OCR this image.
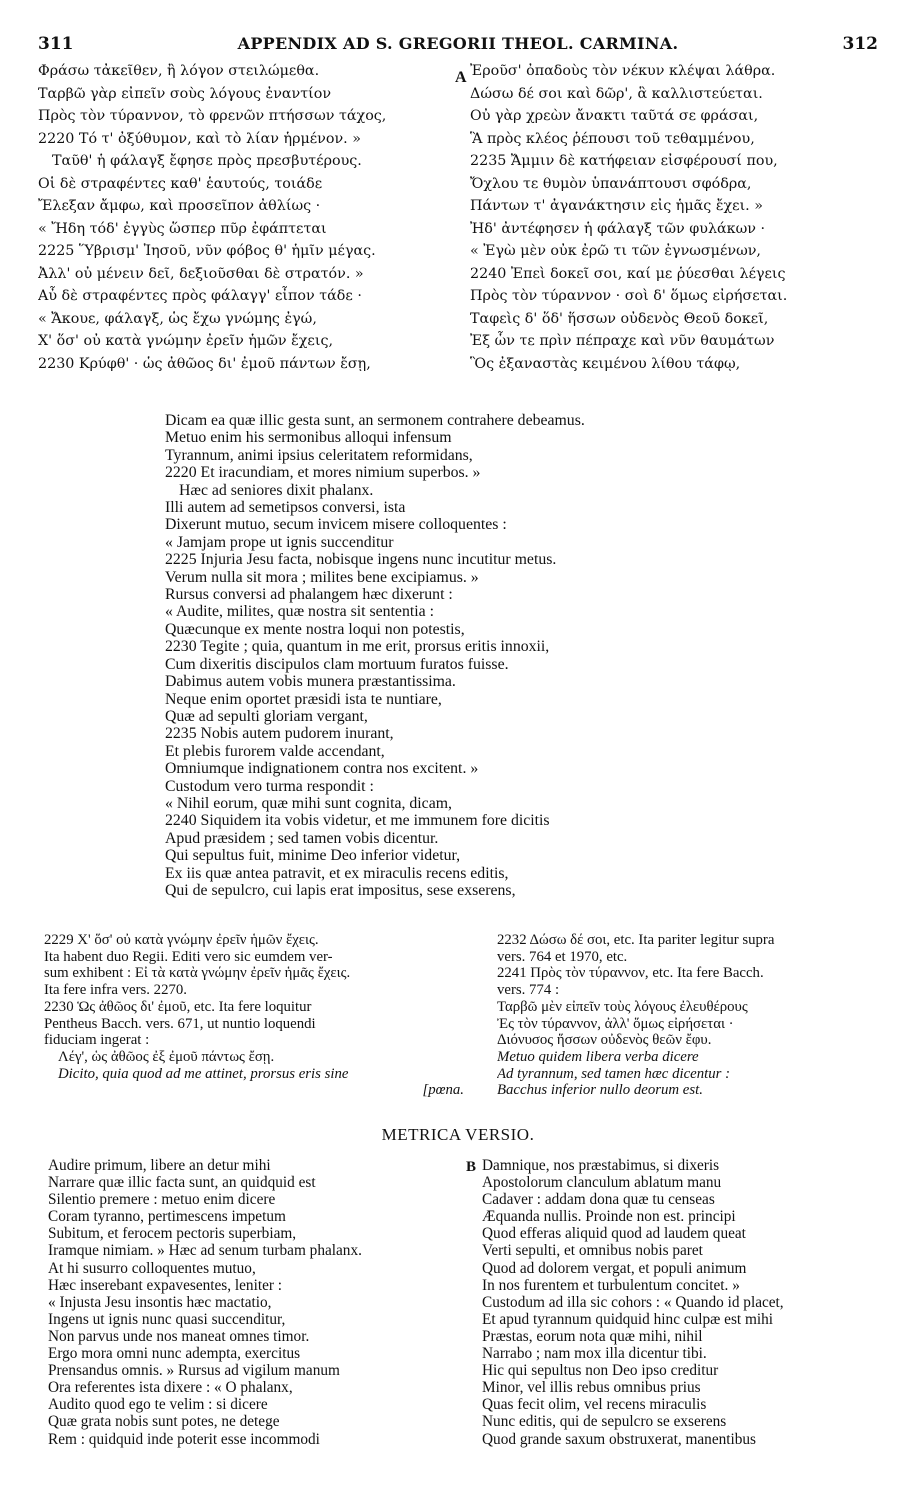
311	APPENDIX AD S. GREGORII THEOL. CARMINA.	312
Φράσω τἀκεῖθεν, ἢ λόγον στειλώμεθα.
Ταρβῶ γὰρ εἰπεῖν σοὺς λόγους ἐναντίον
Πρὸς τὸν τύραννον, τὸ φρενῶν πτήσσων τάχος,
2220 Τό τ' ὀξύθυμον, καὶ τὸ λίαν ἡρμένον. »
Ταῦθ' ἡ φάλαγξ ἔφησε πρὸς πρεσβυτέρους.
Οἱ δὲ στραφέντες καθ' ἑαυτούς, τοιάδε
Ἔλεξαν ἄμφω, καὶ προσεῖπον ἀθλίως ·
« Ἤδη τόδ' ἐγγὺς ὥσπερ πῦρ ἐφάπτεται
2225 Ὕβρισμ' Ἰησοῦ, νῦν φόβος θ' ἡμῖν μέγας.
Ἀλλ' οὐ μένειν δεῖ, δεξιοῦσθαι δὲ στρατόν. »
Αὖ δὲ στραφέντες πρὸς φάλαγγ' εἶπον τάδε ·
« Ἄκουε, φάλαγξ, ὡς ἔχω γνώμης ἐγώ,
Χ' ὅσ' οὐ κατὰ γνώμην ἐρεῖν ἡμῶν ἔχεις,
2230 Κρύφθ' · ὡς ἀθῶος δι' ἐμοῦ πάντων ἔσῃ,
A Ἐροῦσ' ὀπαδοὺς τὸν νέκυν κλέψαι λάθρα.
Δώσω δέ σοι καὶ δῶρ', ἃ καλλιστεύεται.
Οὐ γὰρ χρεὼν ἄνακτι ταῦτά σε φράσαι,
Ἃ πρὸς κλέος ῥέπουσι τοῦ τεθαμμένου,
2235 Ἄμμιν δὲ κατήφειαν εἰσφέρουσί που,
Ὄχλου τε θυμὸν ὑπανάπτουσι σφόδρα,
Πάντων τ' ἀγανάκτησιν εἰς ἡμᾶς ἔχει. »
Ἠδ' ἀντέφησεν ἡ φάλαγξ τῶν φυλάκων ·
« Ἐγὼ μὲν οὐκ ἐρῶ τι τῶν ἐγνωσμένων,
2240 Ἐπεὶ δοκεῖ σοι, καί με ῥύεσθαι λέγεις
Πρὸς τὸν τύραννον · σοὶ δ' ὅμως εἰρήσεται.
Ταφεὶς δ' ὅδ' ἥσσων οὐδενὸς Θεοῦ δοκεῖ,
Ἐξ ὧν τε πρὶν πέπραχε καὶ νῦν θαυμάτων
Ὃς ἐξαναστὰς κειμένου λίθου τάφῳ,
Dicam ea quæ illic gesta sunt, an sermonem contrahere debeamus.
Metuo enim his sermonibus alloqui infensum
Tyrannum, animi ipsius celeritatem reformidans,
2220 Et iracundiam, et mores nimium superbos. »
Hæc ad seniores dixit phalanx.
Illi autem ad semetipsos conversi, ista
Dixerunt mutuo, secum invicem misere colloquentes :
« Jamjam prope ut ignis succenditur
2225 Injuria Jesu facta, nobisque ingens nunc incutitur metus.
Verum nulla sit mora ; milites bene excipiamus. »
Rursus conversi ad phalangem hæc dixerunt :
« Audite, milites, quæ nostra sit sententia :
Quæcunque ex mente nostra loqui non potestis,
2230 Tegite ; quia, quantum in me erit, prorsus eritis innoxii,
Cum dixeritis discipulos clam mortuum furatos fuisse.
Dabimus autem vobis munera præstantissima.
Neque enim oportet præsidi ista te nuntiare,
Quæ ad sepulti gloriam vergant,
2235 Nobis autem pudorem inurant,
Et plebis furorem valde accendant,
Omniumque indignationem contra nos excitent. »
Custodum vero turma respondit :
« Nihil eorum, quæ mihi sunt cognita, dicam,
2240 Siquidem ita vobis videtur, et me immunem fore dicitis
Apud præsidem ; sed tamen vobis dicentur.
Qui sepultus fuit, minime Deo inferior videtur,
Ex iis quæ antea patravit, et ex miraculis recens editis,
Qui de sepulcro, cui lapis erat impositus, sese exserens,
2229 Χ' ὅσ' οὐ κατὰ γνώμην ἐρεῖν ἡμῶν ἔχεις.
Ita habent duo Regii. Editi vero sic eumdem ver-
sum exhibent : Εἰ τὰ κατὰ γνώμην ἐρεῖν ἡμᾶς ἔχεις.
Ita fere infra vers. 2270.
2230 Ὡς ἀθῶος δι' ἐμοῦ, etc. Ita fere loquitur
Pentheus Bacch. vers. 671, ut nuntio loquendi
fiduciam ingerat :
Λέγ', ὡς ἀθῶος ἐξ ἐμοῦ πάντως ἔσῃ.
Dicito, quia quod ad me attinet, prorsus eris sine
[pœna.
2232 Δώσω δέ σοι, etc. Ita pariter legitur supra
vers. 764 et 1970, etc.
2241 Πρὸς τὸν τύραννον, etc. Ita fere Bacch.
vers. 774 :
Ταρβῶ μὲν εἰπεῖν τοὺς λόγους ἐλευθέρους
Ἐς τὸν τύραννον, ἀλλ' ὅμως εἰρήσεται ·
Διόνυσος ἥσσων οὐδενὸς θεῶν ἔφυ.
Metuo quidem libera verba dicere
Ad tyrannum, sed tamen hæc dicentur :
Bacchus inferior nullo deorum est.
METRICA VERSIO.
Audire primum, libere an detur mihi
Narrare quæ illic facta sunt, an quidquid est
Silentio premere : metuo enim dicere
Coram tyranno, pertimescens impetum
Subitum, et ferocem pectoris superbiam,
Iramque nimiam. » Hæc ad senum turbam phalanx.
At hi susurro colloquentes mutuo,
Hæc inserebant expavesentes, leniter :
« Injusta Jesu insontis hæc mactatio,
Ingens ut ignis nunc quasi succenditur,
Non parvus unde nos maneat omnes timor.
Ergo mora omni nunc adempta, exercitus
Prensandus omnis. » Rursus ad vigilum manum
Ora referentes ista dixere : « O phalanx,
Audito quod ego te velim : si dicere
Quæ grata nobis sunt potes, ne detege
Rem : quidquid inde poterit esse incommodi
B Damnique, nos præstabimus, si dixeris
Apostolorum clanculum ablatum manu
Cadaver : addam dona quæ tu censeas
Æquanda nullis. Proinde non est. principi
Quod efferas aliquid quod ad laudem queat
Verti sepulti, et omnibus nobis paret
Quod ad dolorem vergat, et populi animum
In nos furentem et turbulentum concitet. »
Custodum ad illa sic cohors : « Quando id placet,
Et apud tyrannum quidquid hinc culpæ est mihi
Præstas, eorum nota quæ mihi, nihil
Narrabo ; nam mox illa dicentur tibi.
Hic qui sepultus non Deo ipso creditur
Minor, vel illis rebus omnibus prius
Quas fecit olim, vel recens miraculis
Nunc editis, qui de sepulcro se exserens
Quod grande saxum obstruxerat, manentibus
